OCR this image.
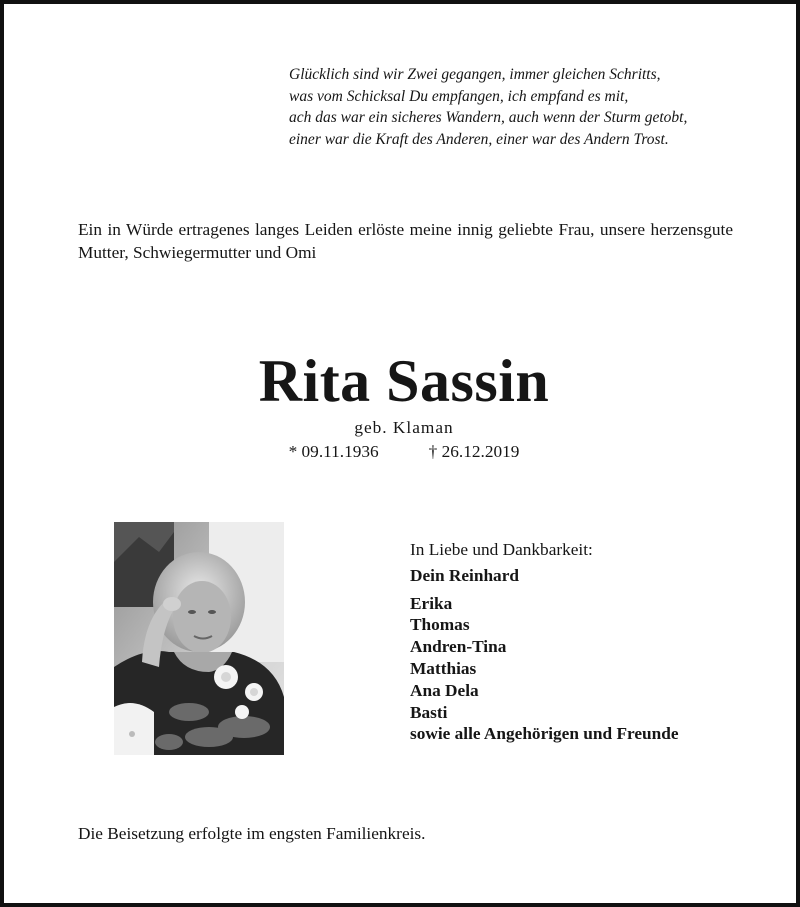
Glücklich sind wir Zwei gegangen, immer gleichen Schritts,
was vom Schicksal Du empfangen, ich empfand es mit,
ach das war ein sicheres Wandern, auch wenn der Sturm getobt,
einer war die Kraft des Anderen, einer war des Andern Trost.
Ein in Würde ertragenes langes Leiden erlöste meine innig geliebte Frau, unsere herzensgute Mutter, Schwiegermutter und Omi
Rita Sassin
geb. Klaman
* 09.11.1936	† 26.12.2019
In Liebe und Dankbarkeit:
Dein Reinhard
Erika
Thomas
Andren-Tina
Matthias
Ana Dela
Basti
sowie alle Angehörigen und Freunde
Die Beisetzung erfolgte im engsten Familienkreis.
